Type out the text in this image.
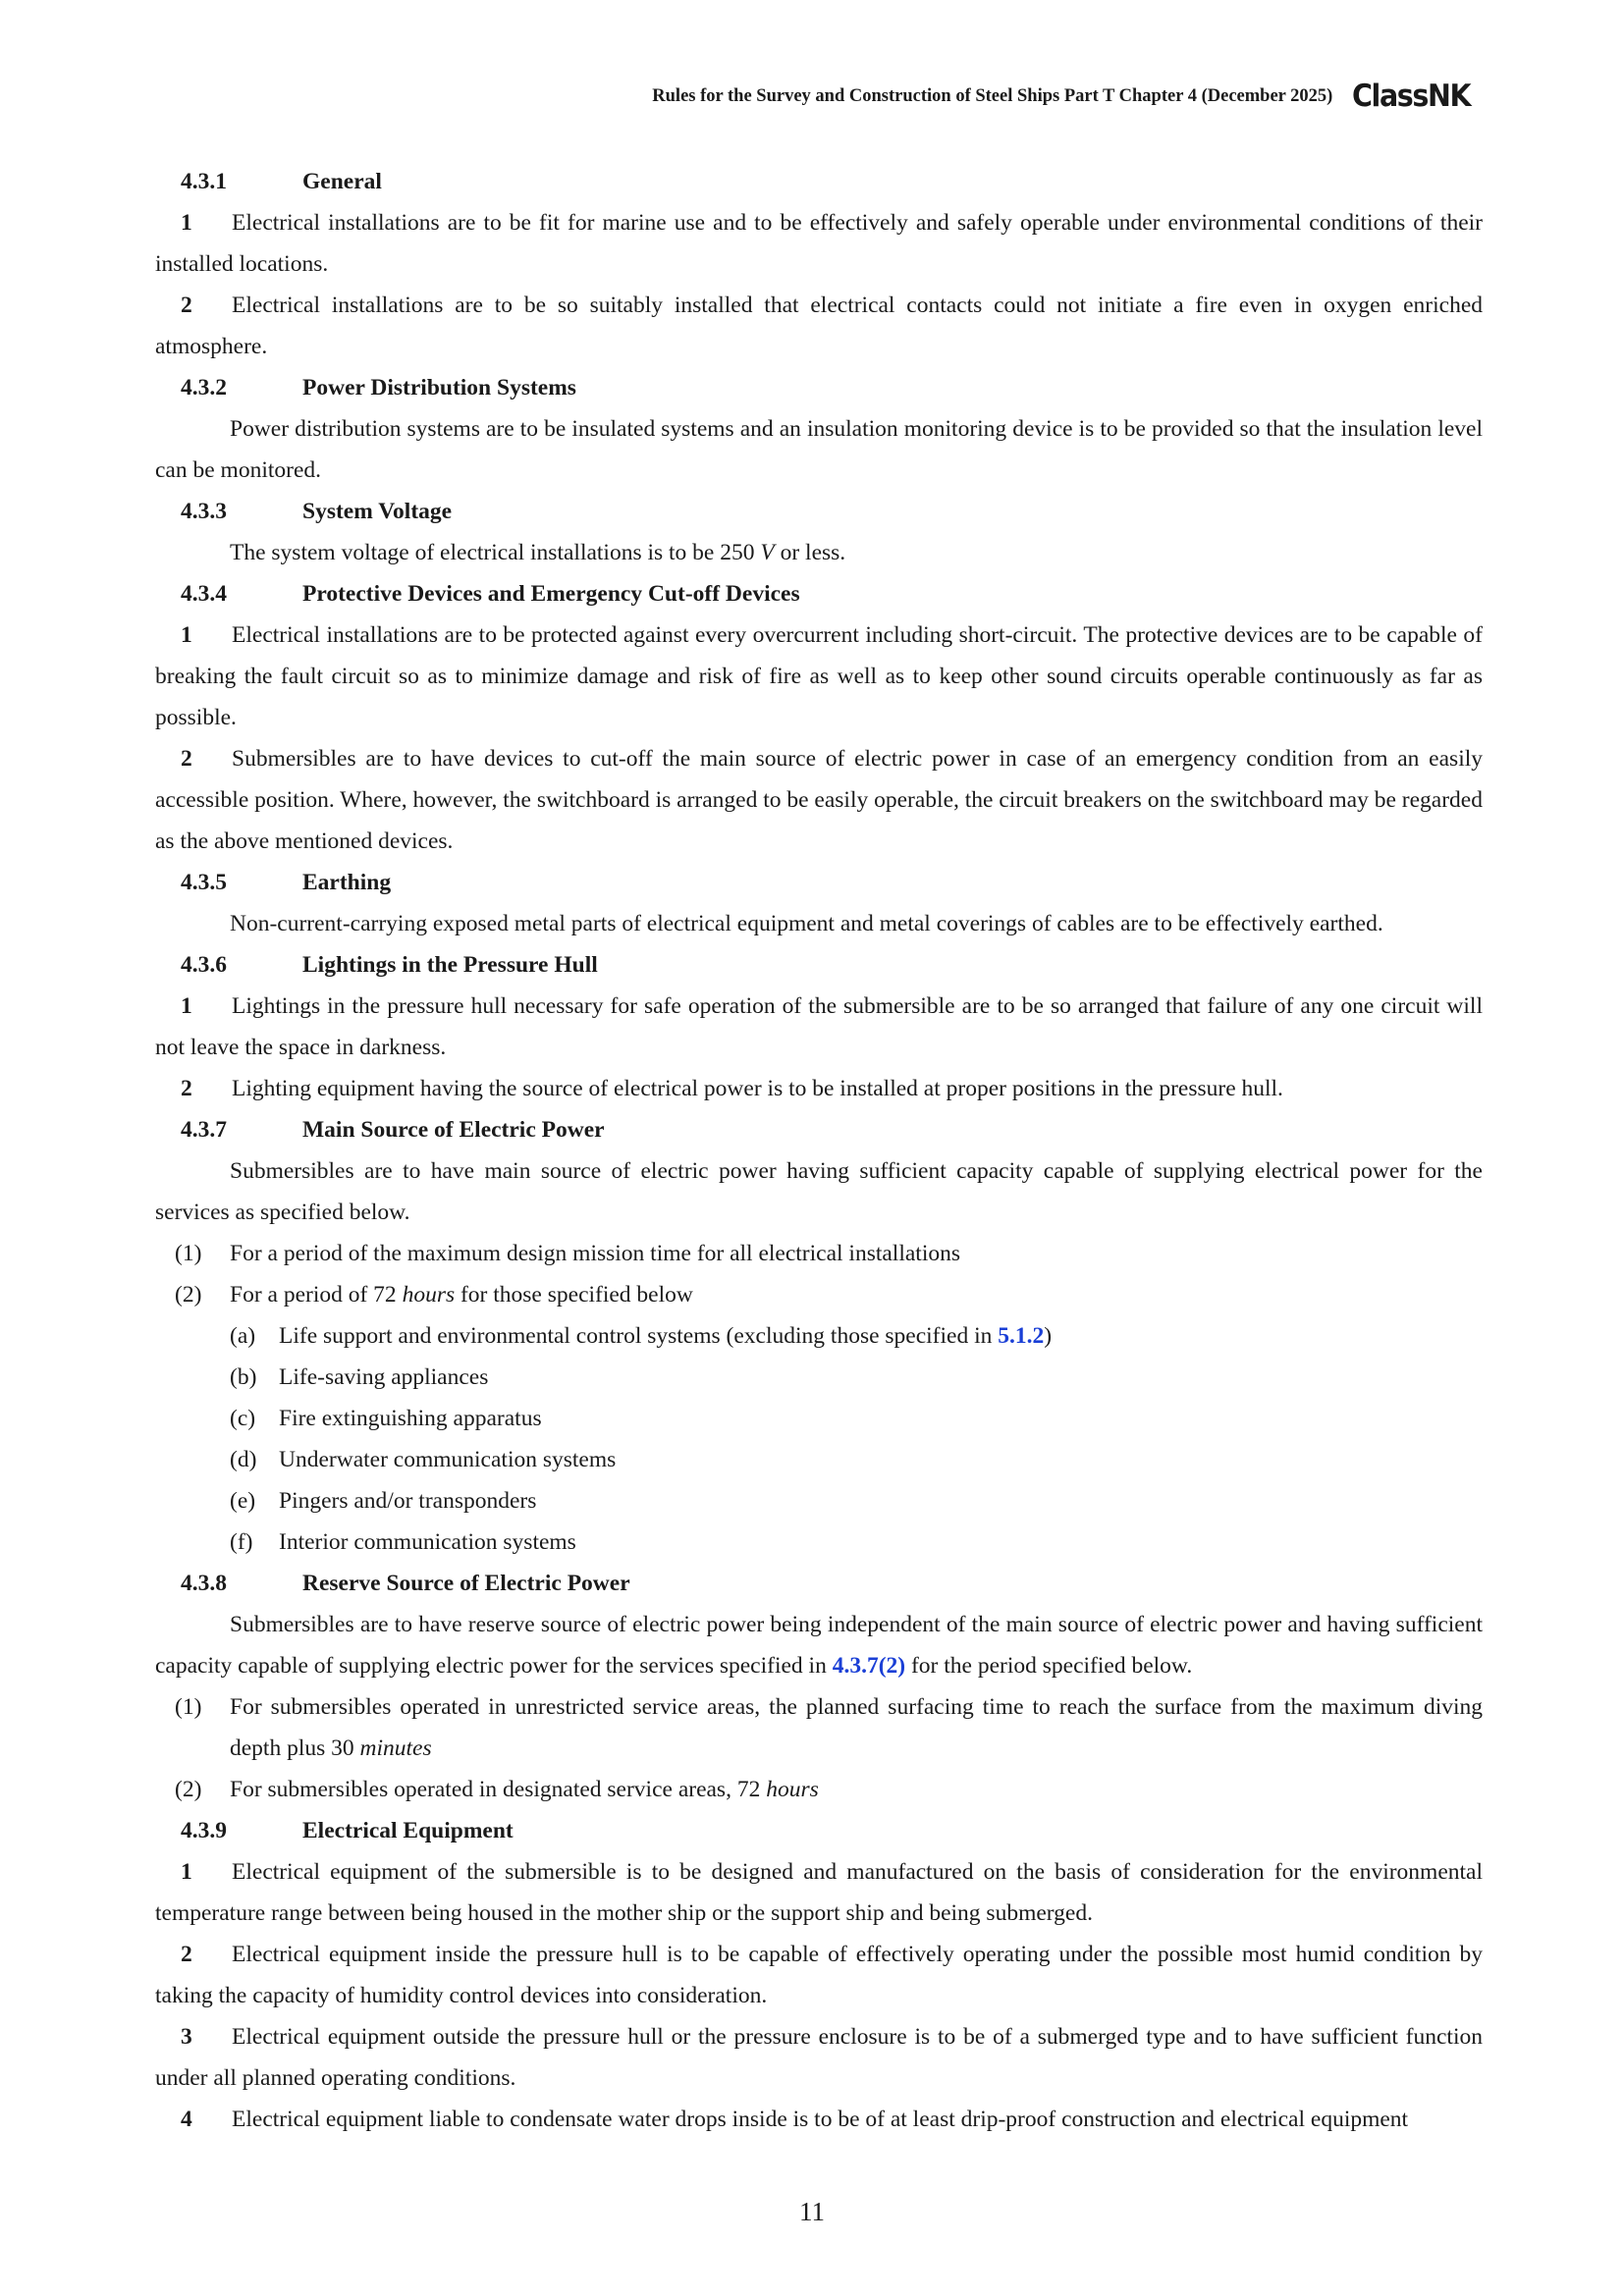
Rules for the Survey and Construction of Steel Ships Part T Chapter 4 (December 2025) ClassNK
4.3.1	General
1 Electrical installations are to be fit for marine use and to be effectively and safely operable under environmental conditions of their installed locations.
2 Electrical installations are to be so suitably installed that electrical contacts could not initiate a fire even in oxygen enriched atmosphere.
4.3.2	Power Distribution Systems
Power distribution systems are to be insulated systems and an insulation monitoring device is to be provided so that the insulation level can be monitored.
4.3.3	System Voltage
The system voltage of electrical installations is to be 250 V or less.
4.3.4	Protective Devices and Emergency Cut-off Devices
1 Electrical installations are to be protected against every overcurrent including short-circuit. The protective devices are to be capable of breaking the fault circuit so as to minimize damage and risk of fire as well as to keep other sound circuits operable continuously as far as possible.
2 Submersibles are to have devices to cut-off the main source of electric power in case of an emergency condition from an easily accessible position. Where, however, the switchboard is arranged to be easily operable, the circuit breakers on the switchboard may be regarded as the above mentioned devices.
4.3.5	Earthing
Non-current-carrying exposed metal parts of electrical equipment and metal coverings of cables are to be effectively earthed.
4.3.6	Lightings in the Pressure Hull
1 Lightings in the pressure hull necessary for safe operation of the submersible are to be so arranged that failure of any one circuit will not leave the space in darkness.
2 Lighting equipment having the source of electrical power is to be installed at proper positions in the pressure hull.
4.3.7	Main Source of Electric Power
Submersibles are to have main source of electric power having sufficient capacity capable of supplying electrical power for the services as specified below.
(1)	For a period of the maximum design mission time for all electrical installations
(2)	For a period of 72 hours for those specified below
(a)	Life support and environmental control systems (excluding those specified in 5.1.2)
(b) Life-saving appliances
(c)	Fire extinguishing apparatus
(d) Underwater communication systems
(e)	Pingers and/or transponders
(f)	Interior communication systems
4.3.8	Reserve Source of Electric Power
Submersibles are to have reserve source of electric power being independent of the main source of electric power and having sufficient capacity capable of supplying electric power for the services specified in 4.3.7(2) for the period specified below.
(1)	For submersibles operated in unrestricted service areas, the planned surfacing time to reach the surface from the maximum diving depth plus 30 minutes
(2)	For submersibles operated in designated service areas, 72 hours
4.3.9	Electrical Equipment
1 Electrical equipment of the submersible is to be designed and manufactured on the basis of consideration for the environmental temperature range between being housed in the mother ship or the support ship and being submerged.
2 Electrical equipment inside the pressure hull is to be capable of effectively operating under the possible most humid condition by taking the capacity of humidity control devices into consideration.
3 Electrical equipment outside the pressure hull or the pressure enclosure is to be of a submerged type and to have sufficient function under all planned operating conditions.
4 Electrical equipment liable to condensate water drops inside is to be of at least drip-proof construction and electrical equipment
11
